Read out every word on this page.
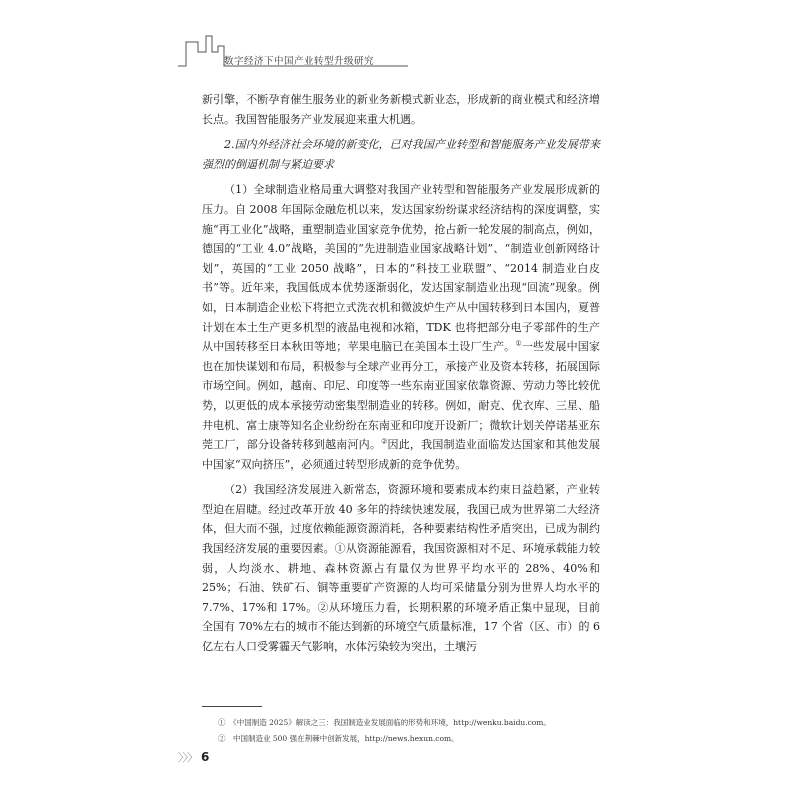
数字经济下中国产业转型升级研究

新引擎，不断孕育催生服务业的新业务新模式新业态，形成新的商业模式和经济增长点。我国智能服务产业发展迎来重大机遇。

2.国内外经济社会环境的新变化，已对我国产业转型和智能服务产业发展带来强烈的倒逼机制与紧迫要求

（1）全球制造业格局重大调整对我国产业转型和智能服务产业发展形成新的压力。自 2008 年国际金融危机以来，发达国家纷纷谋求经济结构的深度调整，实施“再工业化”战略，重塑制造业国家竞争优势，抢占新一轮发展的制高点，例如，德国的“工业 4.0”战略，美国的“先进制造业国家战略计划”、“制造业创新网络计划”，英国的“工业 2050 战略”，日本的“科技工业联盟”、“2014 制造业白皮书”等。近年来，我国低成本优势逐渐弱化，发达国家制造业出现“回流”现象。例如，日本制造企业松下将把立式洗衣机和微波炉生产从中国转移到日本国内，夏普计划在本土生产更多机型的液晶电视和冰箱，TDK 也将把部分电子零部件的生产从中国转移至日本秋田等地；苹果电脑已在美国本土设厂生产。①一些发展中国家也在加快谋划和布局，积极参与全球产业再分工，承接产业及资本转移，拓展国际市场空间。例如，越南、印尼、印度等一些东南亚国家依靠资源、劳动力等比较优势，以更低的成本承接劳动密集型制造业的转移。例如，耐克、优衣库、三星、船井电机、富士康等知名企业纷纷在东南亚和印度开设新厂；微软计划关停诺基亚东莞工厂，部分设备转移到越南河内。②因此，我国制造业面临发达国家和其他发展中国家“双向挤压”，必须通过转型形成新的竞争优势。

（2）我国经济发展进入新常态，资源环境和要素成本约束日益趋紧，产业转型迫在眉睫。经过改革开放 40 多年的持续快速发展，我国已成为世界第二大经济体，但大而不强，过度依赖能源资源消耗，各种要素结构性矛盾突出，已成为制约我国经济发展的重要因素。①从资源能源看，我国资源相对不足、环境承载能力较弱，人均淡水、耕地、森林资源占有量仅为世界平均水平的 28%、40%和 25%；石油、铁矿石、铜等重要矿产资源的人均可采储量分别为世界人均水平的 7.7%、17%和 17%。②从环境压力看，长期积累的环境矛盾正集中显现，目前全国有 70%左右的城市不能达到新的环境空气质量标准，17 个省（区、市）的 6 亿左右人口受雾霾天气影响，水体污染较为突出，土壤污

①　《中国制造 2025》解读之三：我国制造业发展面临的形势和环境，http://wenku.baidu.com。

②　中国制造业 500 强在荆棘中创新发展，http://news.hexun.com。

〉〉〉 6
